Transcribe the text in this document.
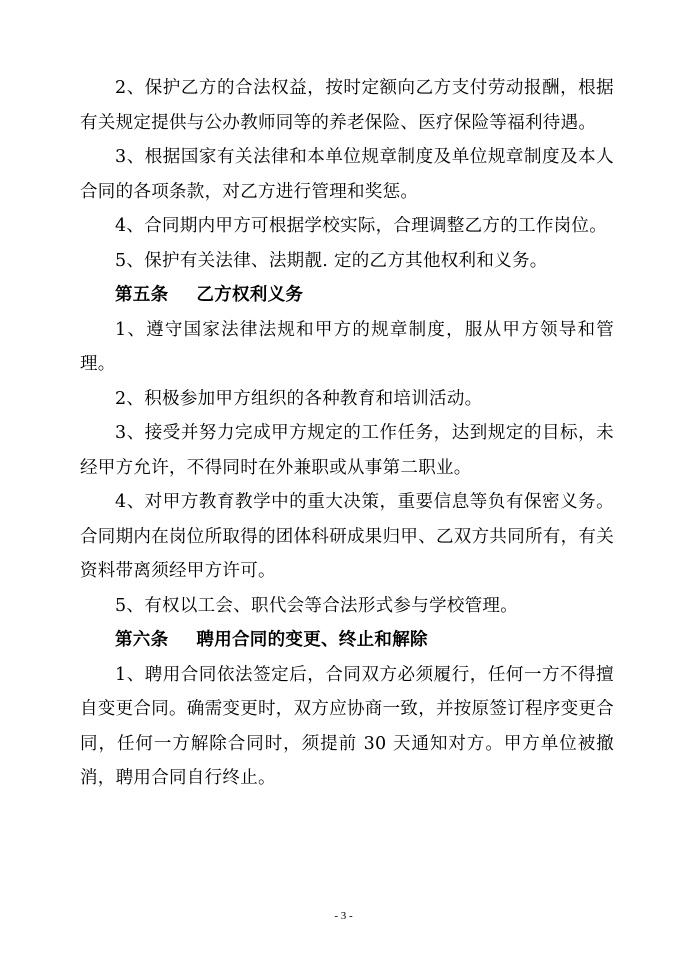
2、保护乙方的合法权益，按时定额向乙方支付劳动报酬，根据有关规定提供与公办教师同等的养老保险、医疗保险等福利待遇。

3、根据国家有关法律和本单位规章制度及单位规章制度及本人合同的各项条款，对乙方进行管理和奖惩。

4、合同期内甲方可根据学校实际，合理调整乙方的工作岗位。

5、保护有关法律、法期靓. 定的乙方其他权利和义务。

第五条 乙方权利义务

1、遵守国家法律法规和甲方的规章制度，服从甲方领导和管理。

2、积极参加甲方组织的各种教育和培训活动。

3、接受并努力完成甲方规定的工作任务，达到规定的目标，未经甲方允许，不得同时在外兼职或从事第二职业。

4、对甲方教育教学中的重大决策，重要信息等负有保密义务。合同期内在岗位所取得的团体科研成果归甲、乙双方共同所有，有关资料带离须经甲方许可。

5、有权以工会、职代会等合法形式参与学校管理。

第六条 聘用合同的变更、终止和解除

1、聘用合同依法签定后，合同双方必须履行，任何一方不得擅自变更合同。确需变更时，双方应协商一致，并按原签订程序变更合同，任何一方解除合同时，须提前 30 天通知对方。甲方单位被撤消，聘用合同自行终止。

- 3 -
